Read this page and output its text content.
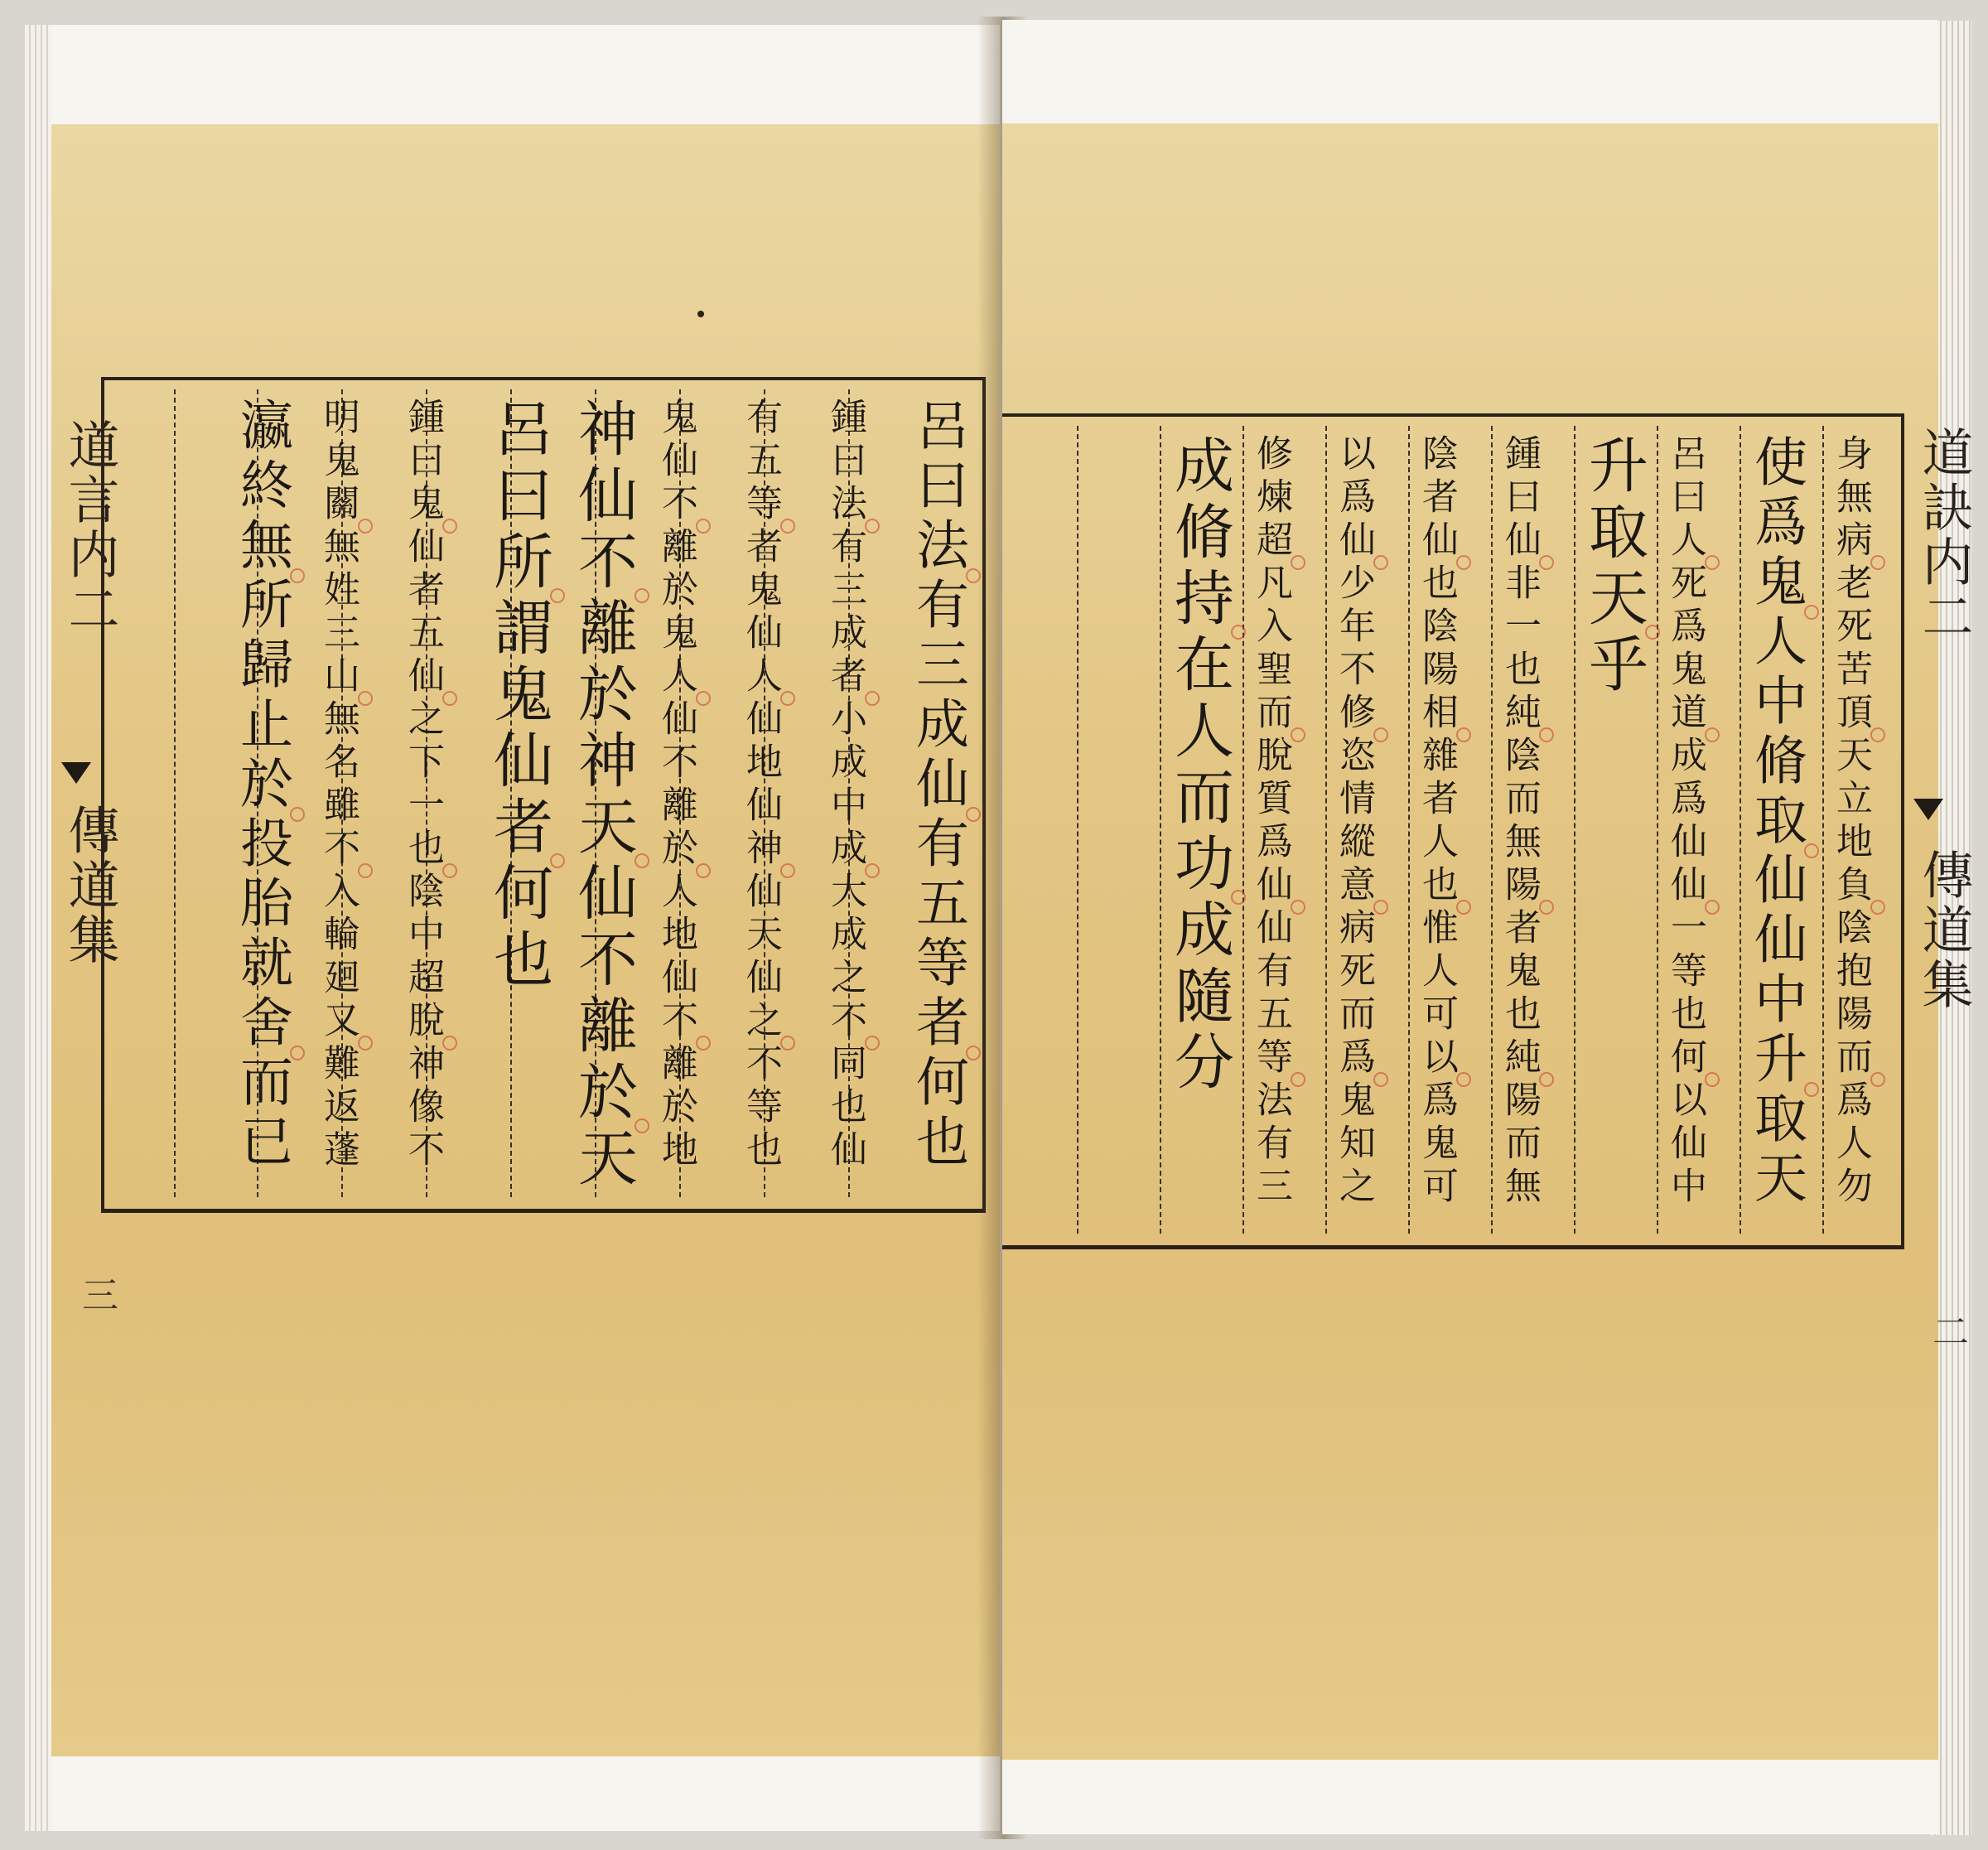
道言内二
傳道集
三
呂曰法有三成仙有五等者何也
鍾曰法有三成者小成中成大成之不同也仙
有五等者鬼仙人仙地仙神仙天仙之不等也
鬼仙不離於鬼人仙不離於人地仙不離於地
神仙不離於神天仙不離於天
呂曰所謂鬼仙者何也
鍾曰鬼仙者五仙之下一也陰中超脫神像不
明鬼關無姓三山無名雖不入輪廻又難返蓬
瀛終無所歸止於投胎就舍而已	身無病老死苦頂天立地負陰抱陽而爲人勿
使爲鬼人中脩取仙仙中升取天
呂曰人死爲鬼道成爲仙仙一等也何以仙中
升取天乎
鍾曰仙非一也純陰而無陽者鬼也純陽而無
陰者仙也陰陽相雜者人也惟人可以爲鬼可
以爲仙少年不修恣情縱意病死而爲鬼知之
修煉超凡入聖而脫質爲仙仙有五等法有三
成脩持在人而功成隨分	道訣内二
傳道集
二
